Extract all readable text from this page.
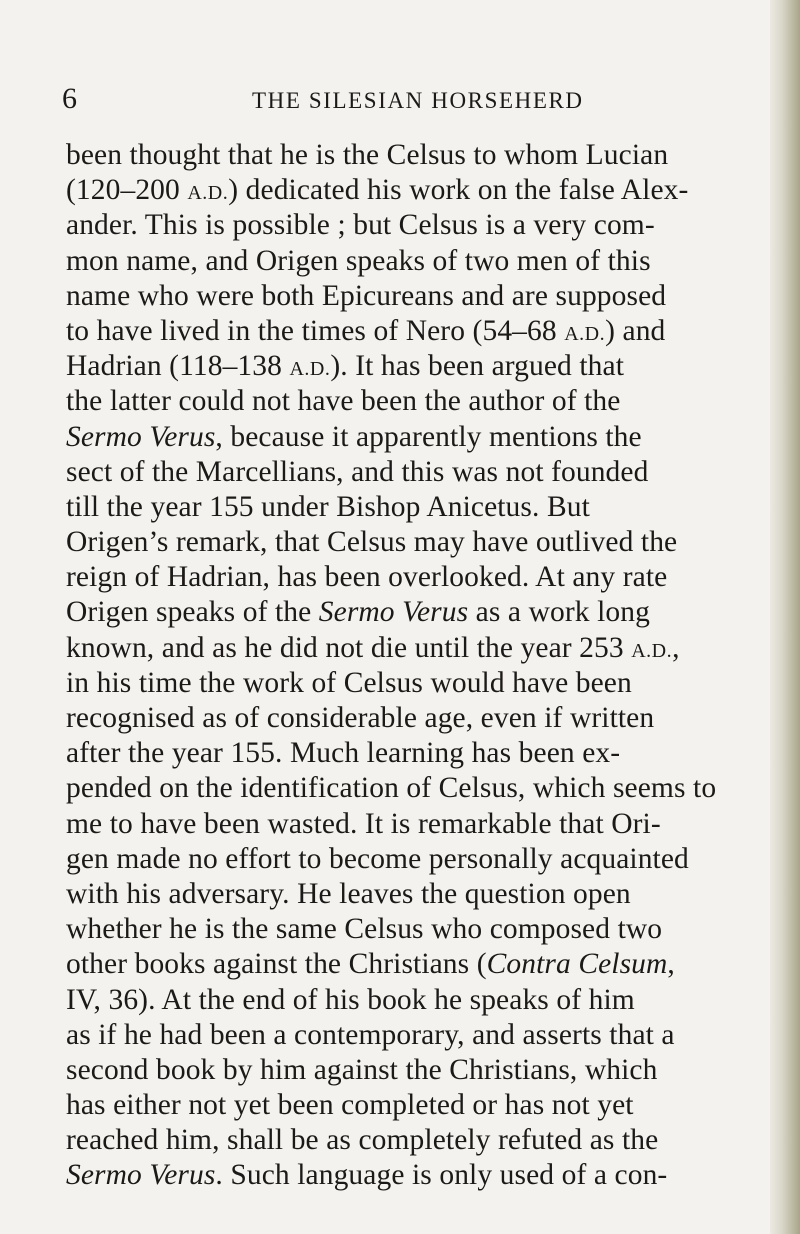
6	THE SILESIAN HORSEHERD
been thought that he is the Celsus to whom Lucian
(120–200 A.D.) dedicated his work on the false Alex-
ander. This is possible ; but Celsus is a very com-
mon name, and Origen speaks of two men of this
name who were both Epicureans and are supposed
to have lived in the times of Nero (54–68 A.D.) and
Hadrian (118–138 A.D.). It has been argued that
the latter could not have been the author of the
Sermo Verus, because it apparently mentions the
sect of the Marcellians, and this was not founded
till the year 155 under Bishop Anicetus. But
Origen’s remark, that Celsus may have outlived the
reign of Hadrian, has been overlooked. At any rate
Origen speaks of the Sermo Verus as a work long
known, and as he did not die until the year 253 A.D.,
in his time the work of Celsus would have been
recognised as of considerable age, even if written
after the year 155. Much learning has been ex-
pended on the identification of Celsus, which seems to
me to have been wasted. It is remarkable that Ori-
gen made no effort to become personally acquainted
with his adversary. He leaves the question open
whether he is the same Celsus who composed two
other books against the Christians (Contra Celsum,
IV, 36). At the end of his book he speaks of him
as if he had been a contemporary, and asserts that a
second book by him against the Christians, which
has either not yet been completed or has not yet
reached him, shall be as completely refuted as the
Sermo Verus. Such language is only used of a con-
